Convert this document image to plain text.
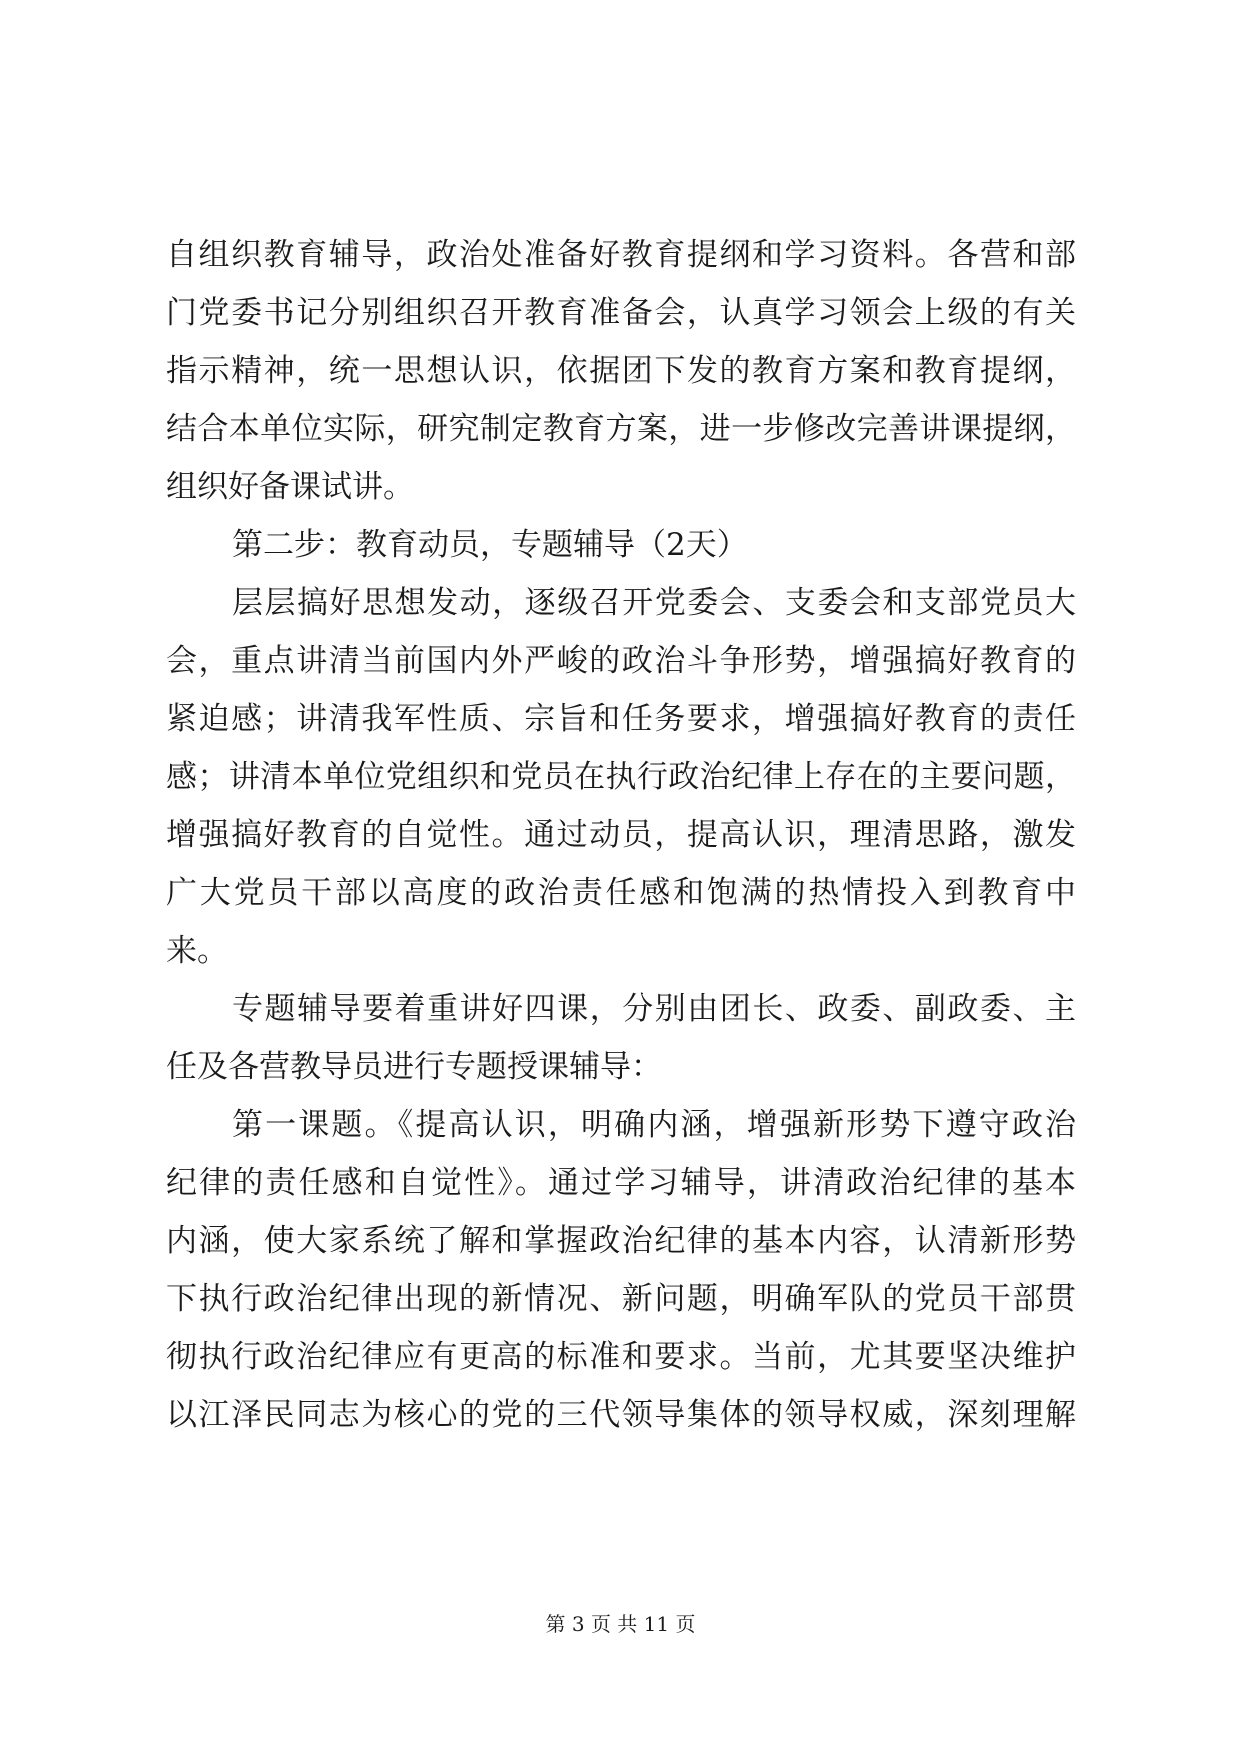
自组织教育辅导，政治处准备好教育提纲和学习资料。各营和部
门党委书记分别组织召开教育准备会，认真学习领会上级的有关
指示精神，统一思想认识，依据团下发的教育方案和教育提纲，
结合本单位实际，研究制定教育方案，进一步修改完善讲课提纲，
组织好备课试讲。
第二步：教育动员，专题辅导（2天）
层层搞好思想发动，逐级召开党委会、支委会和支部党员大
会，重点讲清当前国内外严峻的政治斗争形势，增强搞好教育的
紧迫感；讲清我军性质、宗旨和任务要求，增强搞好教育的责任
感；讲清本单位党组织和党员在执行政治纪律上存在的主要问题，
增强搞好教育的自觉性。通过动员，提高认识，理清思路，激发
广大党员干部以高度的政治责任感和饱满的热情投入到教育中
来。
专题辅导要着重讲好四课，分别由团长、政委、副政委、主
任及各营教导员进行专题授课辅导：
第一课题。《提高认识，明确内涵，增强新形势下遵守政治
纪律的责任感和自觉性》。通过学习辅导，讲清政治纪律的基本
内涵，使大家系统了解和掌握政治纪律的基本内容，认清新形势
下执行政治纪律出现的新情况、新问题，明确军队的党员干部贯
彻执行政治纪律应有更高的标准和要求。当前，尤其要坚决维护
以江泽民同志为核心的党的三代领导集体的领导权威，深刻理解
第 3 页 共 11 页
